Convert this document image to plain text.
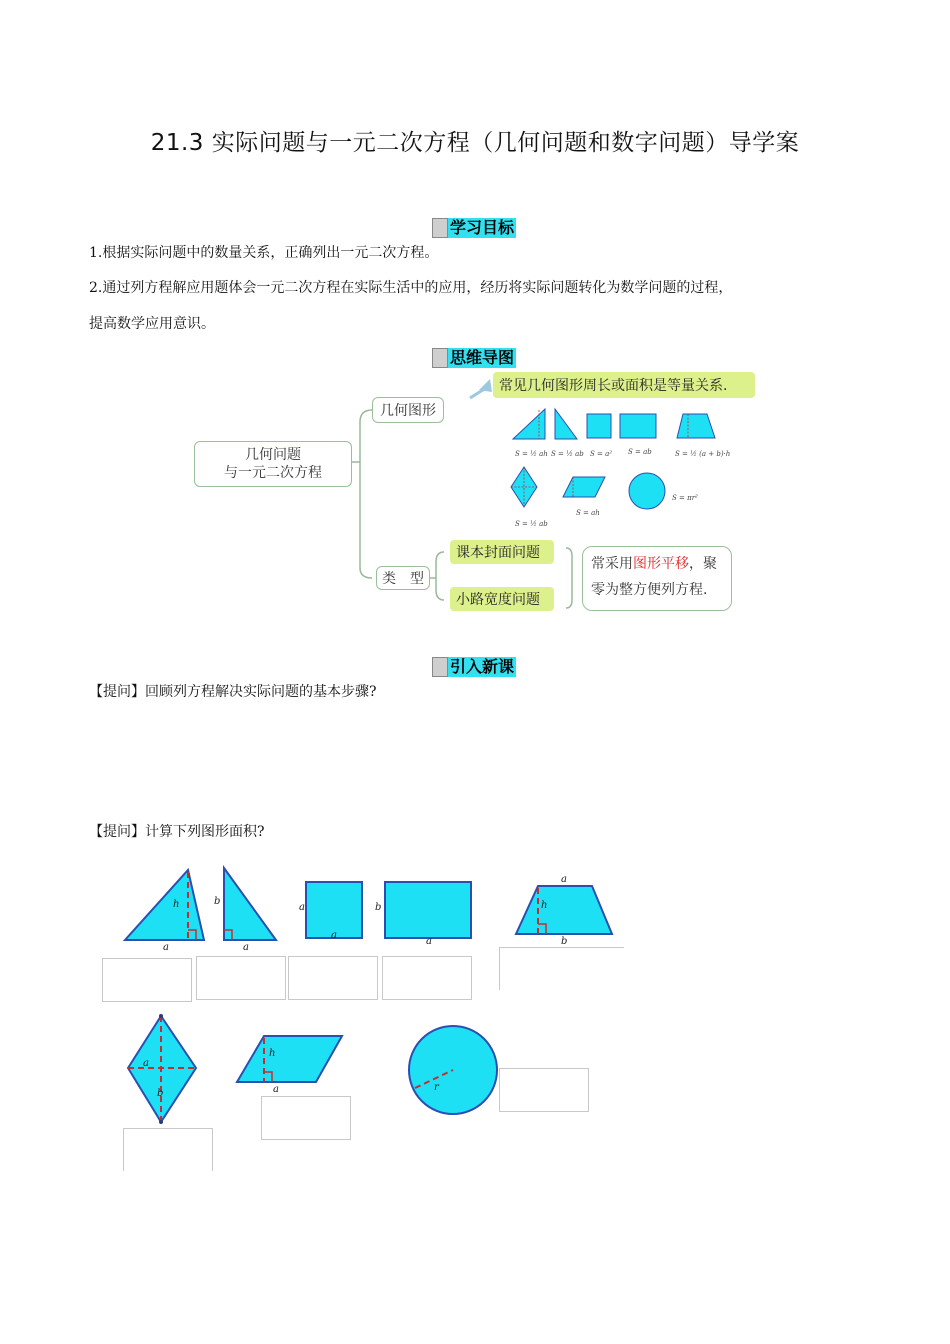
21.3 实际问题与一元二次方程（几何问题和数字问题）导学案
学习目标
1.根据实际问题中的数量关系，正确列出一元二次方程。
2.通过列方程解应用题体会一元二次方程在实际生活中的应用，经历将实际问题转化为数学问题的过程，
提高数学应用意识。
思维导图
几何问题
与一元二次方程
几何图形
常见几何图形周长或面积是等量关系.
S = ½ ah S = ½ ab S = a² S = ab	S = ½ (a + b)·h
S = ½ ab
S = ah
S = πr²
类　型
课本封面问题
小路宽度问题
常采用图形平移，聚零为整方便列方程.
引入新课
【提问】回顾列方程解决实际问题的基本步骤?
【提问】计算下列图形面积?
h
a
b
a
a
a
b
a
a
h
b
a
b
h
a	r
